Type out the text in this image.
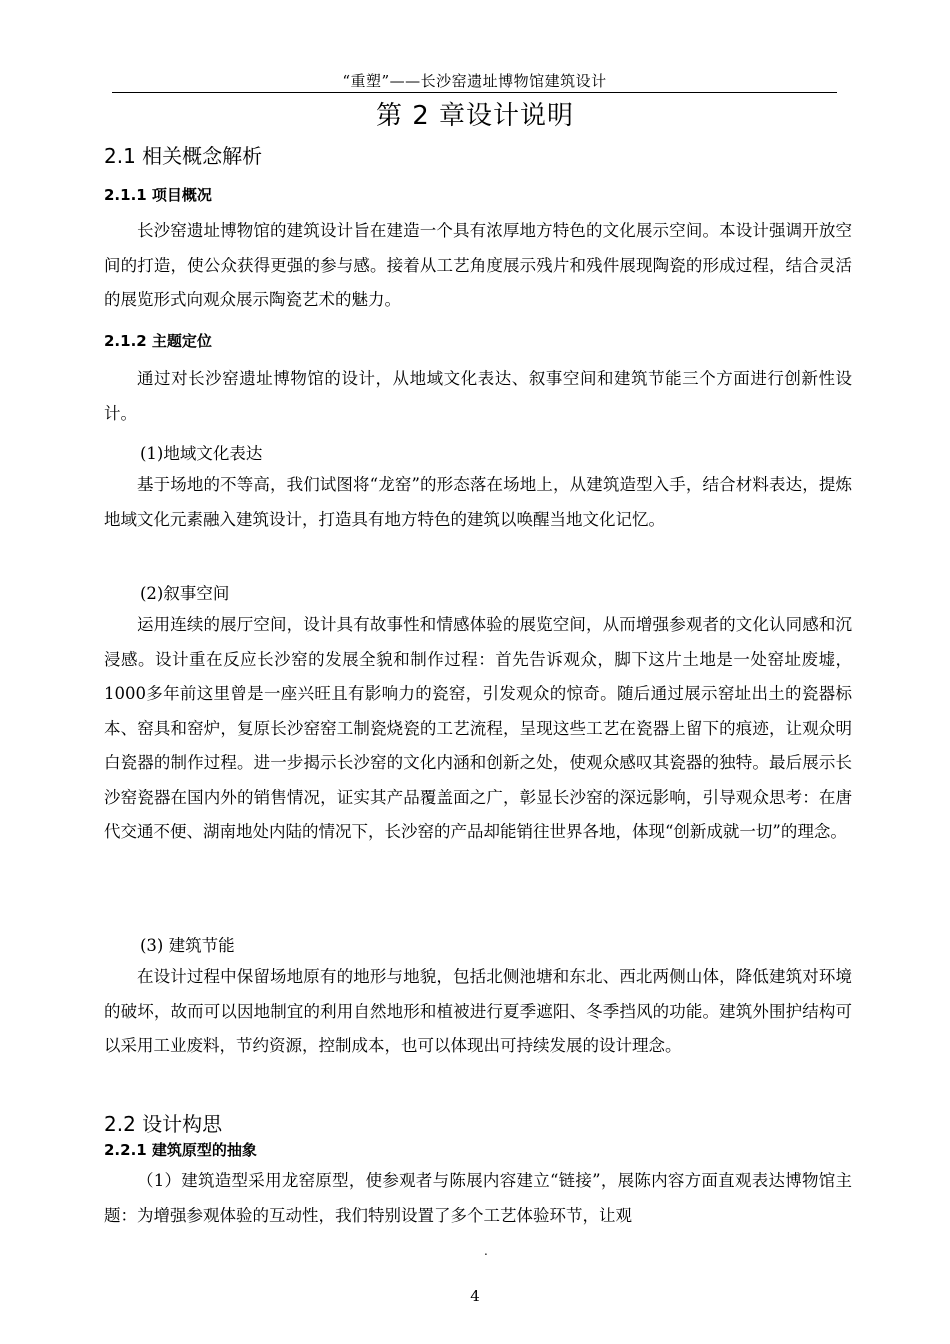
“重塑”——长沙窑遗址博物馆建筑设计
第 2 章设计说明
2.1 相关概念解析
2.1.1 项目概况
长沙窑遗址博物馆的建筑设计旨在建造一个具有浓厚地方特色的文化展示空间。本设计强调开放空间的打造，使公众获得更强的参与感。接着从工艺角度展示残片和残件展现陶瓷的形成过程，结合灵活的展览形式向观众展示陶瓷艺术的魅力。
2.1.2 主题定位
通过对长沙窑遗址博物馆的设计，从地域文化表达、叙事空间和建筑节能三个方面进行创新性设计。
(1)地域文化表达
基于场地的不等高，我们试图将“龙窑”的形态落在场地上，从建筑造型入手，结合材料表达，提炼地域文化元素融入建筑设计，打造具有地方特色的建筑以唤醒当地文化记忆。
(2)叙事空间
运用连续的展厅空间，设计具有故事性和情感体验的展览空间，从而增强参观者的文化认同感和沉浸感。设计重在反应长沙窑的发展全貌和制作过程：首先告诉观众，脚下这片土地是一处窑址废墟，1000多年前这里曾是一座兴旺且有影响力的瓷窑，引发观众的惊奇。随后通过展示窑址出土的瓷器标本、窑具和窑炉，复原长沙窑窑工制瓷烧瓷的工艺流程，呈现这些工艺在瓷器上留下的痕迹，让观众明白瓷器的制作过程。进一步揭示长沙窑的文化内涵和创新之处，使观众感叹其瓷器的独特。最后展示长沙窑瓷器在国内外的销售情况，证实其产品覆盖面之广，彰显长沙窑的深远影响，引导观众思考：在唐代交通不便、湖南地处内陆的情况下，长沙窑的产品却能销往世界各地，体现“创新成就一切”的理念。
(3) 建筑节能
在设计过程中保留场地原有的地形与地貌，包括北侧池塘和东北、西北两侧山体，降低建筑对环境的破坏，故而可以因地制宜的利用自然地形和植被进行夏季遮阳、冬季挡风的功能。建筑外围护结构可以采用工业废料，节约资源，控制成本，也可以体现出可持续发展的设计理念。
2.2 设计构思
2.2.1 建筑原型的抽象
（1）建筑造型采用龙窑原型，使参观者与陈展内容建立“链接”，展陈内容方面直观表达博物馆主题：为增强参观体验的互动性，我们特别设置了多个工艺体验环节，让观
.
4
